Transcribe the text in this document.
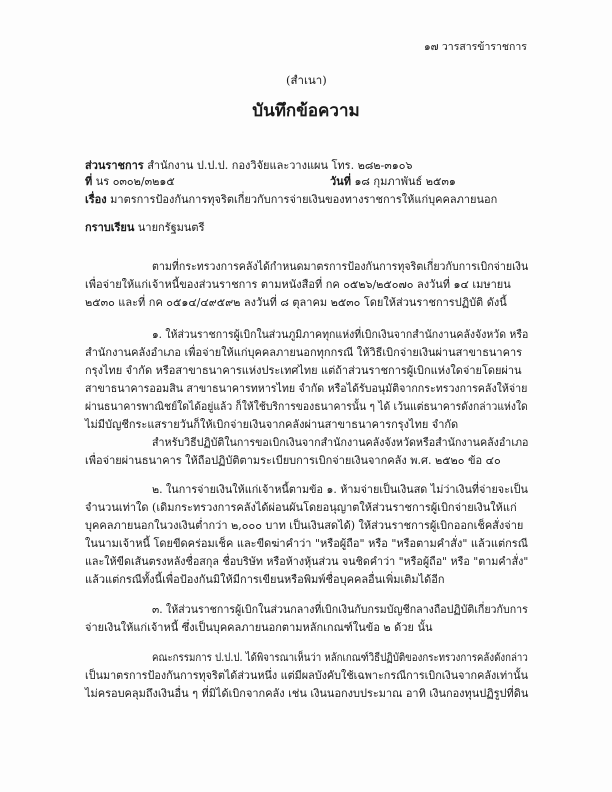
๑๗ วารสารข้าราชการ
(สำเนา)
บันทึกข้อความ
ส่วนราชการ สำนักงาน ป.ป.ป. กองวิจัยและวางแผน โทร. ๒๘๒-๓๑๐๖
ที่ นร ๐๓๐๒/๓๒๑๕	วันที่ ๑๘ กุมภาพันธ์ ๒๕๓๑
เรื่อง มาตรการป้องกันการทุจริตเกี่ยวกับการจ่ายเงินของทางราชการให้แก่บุคคลภายนอก
กราบเรียน นายกรัฐมนตรี
ตามที่กระทรวงการคลังได้กำหนดมาตรการป้องกันการทุจริตเกี่ยวกับการเบิกจ่ายเงิน
เพื่อจ่ายให้แก่เจ้าหนี้ของส่วนราชการ ตามหนังสือที่ กค ๐๕๒๖/๒๕๐๗๐ ลงวันที่ ๑๔ เมษายน
๒๕๓๐ และที่ กค ๐๕๑๔/๔๙๕๙๒ ลงวันที่ ๘ ตุลาคม ๒๕๓๐ โดยให้ส่วนราชการปฏิบัติ ดังนี้
๑. ให้ส่วนราชการผู้เบิกในส่วนภูมิภาคทุกแห่งที่เบิกเงินจากสำนักงานคลังจังหวัด หรือ
สำนักงานคลังอำเภอ เพื่อจ่ายให้แก่บุคคลภายนอกทุกกรณี ให้วิธีเบิกจ่ายเงินผ่านสาขาธนาคาร
กรุงไทย จำกัด หรือสาขาธนาคารแห่งประเทศไทย แต่ถ้าส่วนราชการผู้เบิกแห่งใดจ่ายโดยผ่าน
สาขาธนาคารออมสิน สาขาธนาคารทหารไทย จำกัด หรือได้รับอนุมัติจากกระทรวงการคลังให้จ่าย
ผ่านธนาคารพาณิชย์ใดได้อยู่แล้ว ก็ให้ใช้บริการของธนาคารนั้น ๆ ได้ เว้นแต่ธนาคารดังกล่าวแห่งใด
ไม่มีบัญชีกระแสรายวันก็ให้เบิกจ่ายเงินจากคลังผ่านสาขาธนาคารกรุงไทย จำกัด
สำหรับวิธีปฏิบัติในการขอเบิกเงินจากสำนักงานคลังจังหวัดหรือสำนักงานคลังอำเภอ
เพื่อจ่ายผ่านธนาคาร ให้ถือปฏิบัติตามระเบียบการเบิกจ่ายเงินจากคลัง พ.ศ. ๒๕๒๐ ข้อ ๔๐
๒. ในการจ่ายเงินให้แก่เจ้าหนี้ตามข้อ ๑. ห้ามจ่ายเป็นเงินสด ไม่ว่าเงินที่จ่ายจะเป็น
จำนวนเท่าใด (เดิมกระทรวงการคลังได้ผ่อนผันโดยอนุญาตให้ส่วนราชการผู้เบิกจ่ายเงินให้แก่
บุคคลภายนอกในวงเงินต่ำกว่า ๒,๐๐๐ บาท เป็นเงินสดได้) ให้ส่วนราชการผู้เบิกออกเช็คสั่งจ่าย
ในนามเจ้าหนี้ โดยขีดคร่อมเช็ค และขีดฆ่าคำว่า "หรือผู้ถือ" หรือ "หรือตามคำสั่ง" แล้วแต่กรณี
และให้ขีดเส้นตรงหลังชื่อสกุล ชื่อบริษัท หรือห้างหุ้นส่วน จนชิดคำว่า "หรือผู้ถือ" หรือ "ตามคำสั่ง"
แล้วแต่กรณีทั้งนี้เพื่อป้องกันมิให้มีการเขียนหรือพิมพ์ชื่อบุคคลอื่นเพิ่มเติมได้อีก
๓. ให้ส่วนราชการผู้เบิกในส่วนกลางที่เบิกเงินกับกรมบัญชีกลางถือปฏิบัติเกี่ยวกับการ
จ่ายเงินให้แก่เจ้าหนี้ ซึ่งเป็นบุคคลภายนอกตามหลักเกณฑ์ในข้อ ๒ ด้วย นั้น
คณะกรรมการ ป.ป.ป. ได้พิจารณาเห็นว่า หลักเกณฑ์วิธีปฏิบัติของกระทรวงการคลังดังกล่าว
เป็นมาตรการป้องกันการทุจริตได้ส่วนหนึ่ง แต่มีผลบังคับใช้เฉพาะกรณีการเบิกเงินจากคลังเท่านั้น
ไม่ครอบคลุมถึงเงินอื่น ๆ ที่มิได้เบิกจากคลัง เช่น เงินนอกงบประมาณ อาทิ เงินกองทุนปฏิรูปที่ดิน
